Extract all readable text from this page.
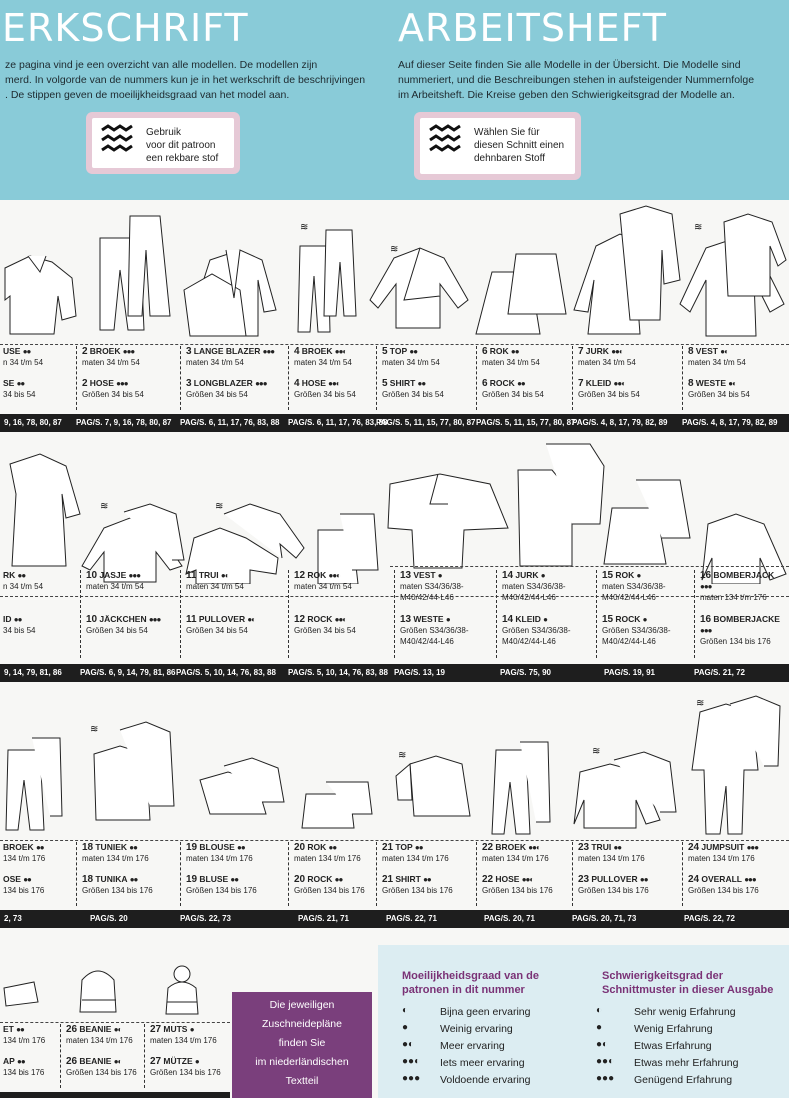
ERKSCHRIFT	ARBEITSHEFT
ze pagina vind je een overzicht van alle modellen. De modellen zijn
merd. In volgorde van de nummers kun je in het werkschrift de beschrijvingen
. De stippen geven de moeilijkheidsgraad van het model aan.
Auf dieser Seite finden Sie alle Modelle in der Übersicht. Die Modelle sind
nummeriert, und die Beschreibungen stehen in aufsteigender Nummernfolge
im Arbeitsheft. Die Kreise geben den Schwierigkeitsgrad der Modelle an.
Gebruik
voor dit patroon
een rekbare stof
Wählen Sie für
diesen Schnitt einen
dehnbaren Stoff
≋
≋
≋
USE ●●
n 34 t/m 54
SE ●●
34 bis 54
2 BROEK ●●●
maten 34 t/m 54
2 HOSE ●●●
Größen 34 bis 54
3 LANGE BLAZER ●●●
maten 34 t/m 54
3 LONGBLAZER ●●●
Größen 34 bis 54
4 BROEK ●●◐
maten 34 t/m 54
4 HOSE ●●◐
Größen 34 bis 54
5 TOP ●●
maten 34 t/m 54
5 SHIRT ●●
Größen 34 bis 54
6 ROK ●●
maten 34 t/m 54
6 ROCK ●●
Größen 34 bis 54
7 JURK ●●◐
maten 34 t/m 54
7 KLEID ●●◐
Größen 34 bis 54
8 VEST ●◐
maten 34 t/m 54
8 WESTE ●◐
Größen 34 bis 54
9, 16, 78, 80, 87 PAG/S. 7, 9, 16, 78, 80, 87 PAG/S. 6, 11, 17, 76, 83, 88 PAG/S. 6, 11, 17, 76, 83, 88
PAG/S. 5, 11, 15, 77, 80, 87 PAG/S. 5, 11, 15, 77, 80, 87
PAG/S. 4, 8, 17, 79, 82, 89 PAG/S. 4, 8, 17, 79, 82, 89
≋	≋
RK ●●
n 34 t/m 54
ID ●●
34 bis 54
10 JASJE ●●●
maten 34 t/m 54
10 JÄCKCHEN ●●●
Größen 34 bis 54
11 TRUI ●◐
maten 34 t/m 54
11 PULLOVER ●◐
Größen 34 bis 54
12 ROK ●●◐
maten 34 t/m 54
12 ROCK ●●◐
Größen 34 bis 54
13 VEST ●
maten S34/36/38-M40/42/44-L46
13 WESTE ●
Größen S34/36/38-M40/42/44-L46
14 JURK ●
maten S34/36/38-M40/42/44-L46
14 KLEID ●
Größen S34/36/38-M40/42/44-L46
15 ROK ●
maten S34/36/38-M40/42/44-L46
15 ROCK ●
Größen S34/36/38-M40/42/44-L46
16 BOMBERJACK ●●●
maten 134 t/m 176
16 BOMBERJACKE ●●●
Größen 134 bis 176
9, 14, 79, 81, 86 PAG/S. 6, 9, 14, 79, 81, 86 PAG/S. 5, 10, 14, 76, 83, 88 PAG/S. 5, 10, 14, 76, 83, 88 PAG/S. 13, 19	PAG/S. 75, 90	PAG/S. 19, 91	PAG/S. 21, 72
≋
≋	≋
≋
BROEK ●●
134 t/m 176
OSE ●●
134 bis 176
18 TUNIEK ●●
maten 134 t/m 176
18 TUNIKA ●●
Größen 134 bis 176
19 BLOUSE ●●
maten 134 t/m 176
19 BLUSE ●●
Größen 134 bis 176
20 ROK ●●
maten 134 t/m 176
20 ROCK ●●
Größen 134 bis 176
21 TOP ●●
maten 134 t/m 176
21 SHIRT ●●
Größen 134 bis 176
22 BROEK ●●◐
maten 134 t/m 176
22 HOSE ●●◐
Größen 134 bis 176
23 TRUI ●●
maten 134 t/m 176
23 PULLOVER ●●
Größen 134 bis 176
24 JUMPSUIT ●●●
maten 134 t/m 176
24 OVERALL ●●●
Größen 134 bis 176
2, 73	PAG/S. 20	PAG/S. 22, 73	PAG/S. 21, 71	PAG/S. 22, 71	PAG/S. 20, 71	PAG/S. 20, 71, 73	PAG/S. 22, 72
ET ●●
134 t/m 176
AP ●●
134 bis 176
26 BEANIE ●◐
maten 134 t/m 176
26 BEANIE ●◐
Größen 134 bis 176
27 MUTS ●
maten 134 t/m 176
27 MÜTZE ●
Größen 134 bis 176
Die jeweiligen
Zuschneidepläne
finden Sie
im niederländischen
Textteil
Moeilijkheidsgraad van de
patronen in dit nummer
Schwierigkeitsgrad der
Schnittmuster in dieser Ausgabe
◐	Bijna geen ervaring
●	Weinig ervaring
●◐ Meer ervaring
●●◐ Iets meer ervaring
●●● Voldoende ervaring
◐	Sehr wenig Erfahrung
●	Wenig Erfahrung
●◐ Etwas Erfahrung
●●◐ Etwas mehr Erfahrung
●●● Genügend Erfahrung
